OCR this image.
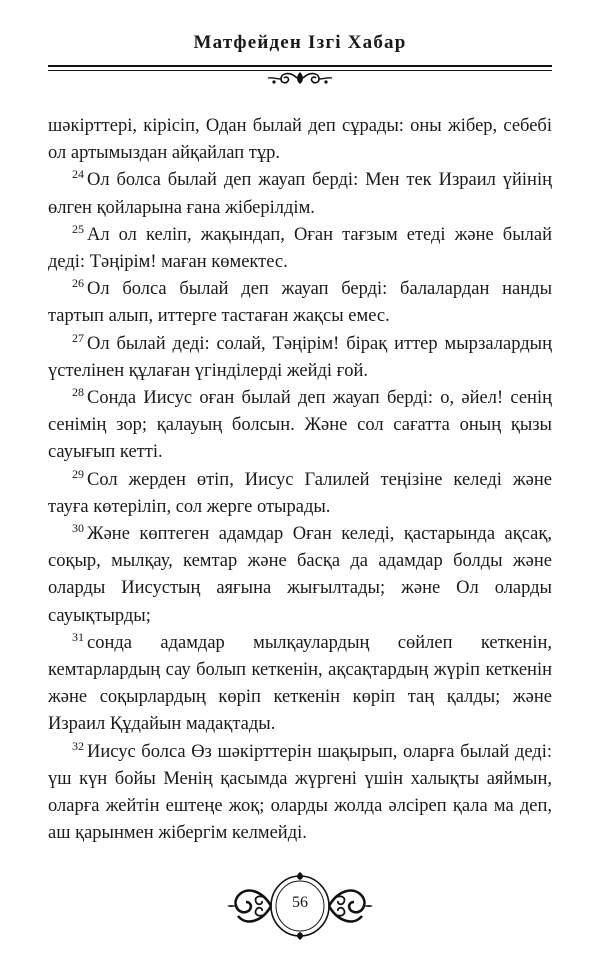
Матфейден Ізгі Хабар

шәкірттері, кірісіп, Одан былай деп сұрады: оны жібер, себебі ол артымыздан айқайлап тұр.

$^{24}$ Ол болса былай деп жауап берді: Мен тек Израил үйінің өлген қойларына ғана жіберілдім.

$^{25}$ Ал ол келіп, жақындап, Оған тағзым етеді және былай деді: Тәңірім! маған көмектес.

$^{26}$ Ол болса былай деп жауап берді: балалардан нанды тартып алып, иттерге тастаған жақсы емес.

$^{27}$ Ол былай деді: солай, Тәңірім! бірақ иттер мырзалардың үстелінен құлаған үгінділерді жейді ғой.

$^{28}$ Сонда Иисус оған былай деп жауап берді: о, әйел! сенің сенімің зор; қалауың болсын. Және сол сағатта оның қызы сауығып кетті.

$^{29}$ Сол жерден өтіп, Иисус Галилей теңізіне келеді және тауға көтеріліп, сол жерге отырады.

$^{30}$ Және көптеген адамдар Оған келеді, қастарында ақсақ, соқыр, мылқау, кемтар және басқа да адамдар болды және оларды Иисустың аяғына жығылтады; және Ол оларды сауықтырды;

$^{31}$ сонда адамдар мылқаулардың сөйлеп кеткенін, кемтарлардың сау болып кеткенін, ақсақтардың жүріп кеткенін және соқырлардың көріп кеткенін көріп таң қалды; және Израил Құдайын мадақтады.

$^{32}$ Иисус болса Өз шәкірттерін шақырып, оларға былай деді: үш күн бойы Менің қасымда жүргені үшін халықты аяймын, оларға жейтін ештеңе жоқ; оларды жолда әлсіреп қала ма деп, аш қарынмен жібергім келмейді.

56
